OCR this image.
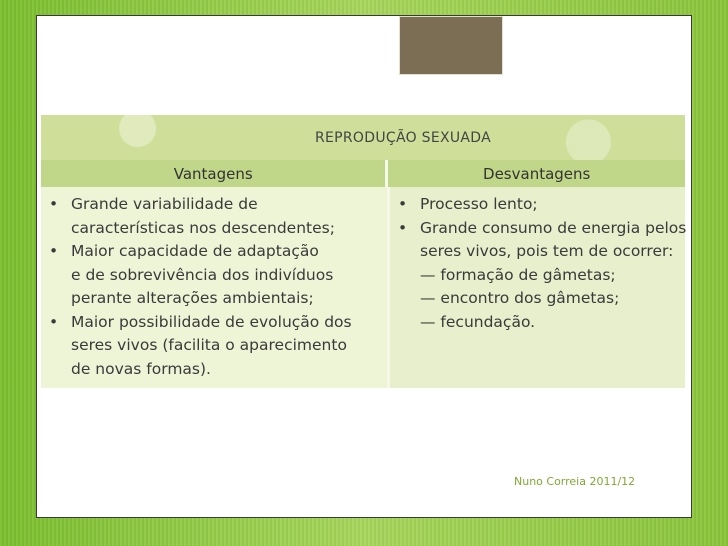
REPRODUÇÃO SEXUADA
Vantagens	Desvantagens
• Grande variabilidade de
características nos descendentes;
• Maior capacidade de adaptação
e de sobrevivência dos indivíduos
perante alterações ambientais;
• Maior possibilidade de evolução dos
seres vivos (facilita o aparecimento
de novas formas).
• Processo lento;
• Grande consumo de energia pelos
seres vivos, pois tem de ocorrer:
— formação de gâmetas;
— encontro dos gâmetas;
— fecundação.
Nuno Correia 2011/12
